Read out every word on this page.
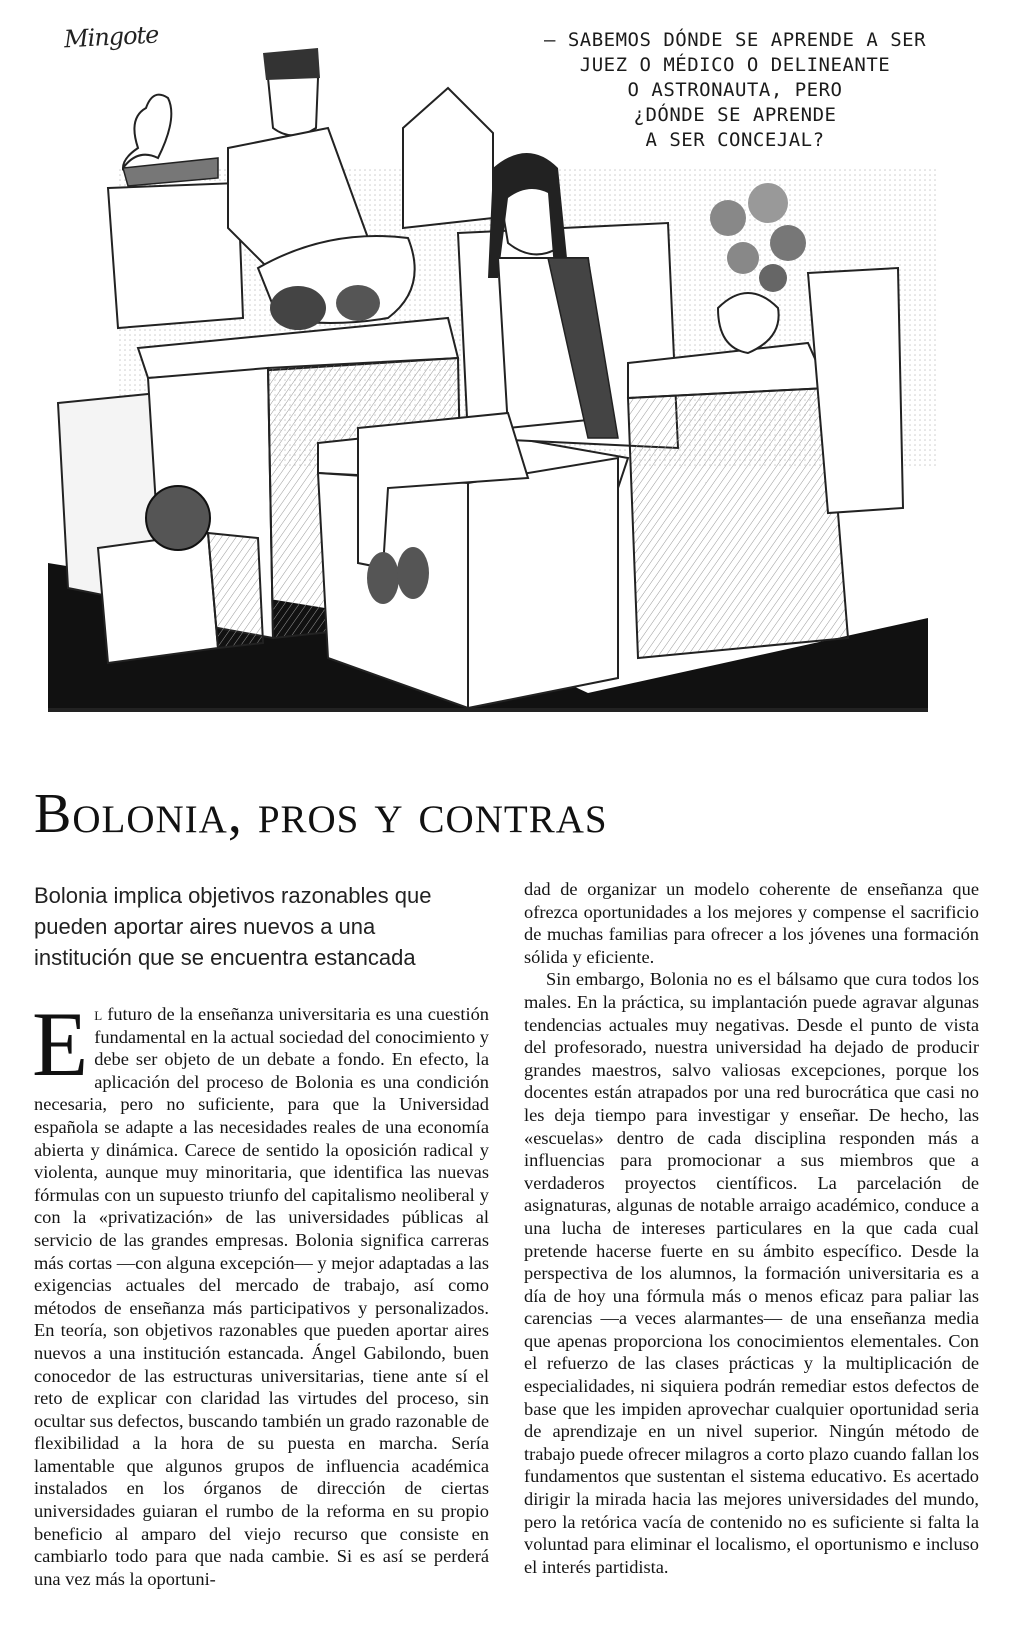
Mingote	– SABEMOS DÓNDE SE APRENDE A SER
JUEZ O MÉDICO O DELINEANTE
O ASTRONAUTA, PERO
¿DÓNDE SE APRENDE
A SER CONCEJAL?
Bolonia, pros y contras

Bolonia implica objetivos razonables que pueden aportar aires nuevos a una institución que se encuentra estancada

El futuro de la enseñanza universitaria es una cuestión fundamental en la actual sociedad del conocimiento y debe ser objeto de un debate a fondo. En efecto, la aplicación del proceso de Bolonia es una condición necesaria, pero no suficiente, para que la Universidad española se adapte a las necesidades reales de una economía abierta y dinámica. Carece de sentido la oposición radical y violenta, aunque muy minoritaria, que identifica las nuevas fórmulas con un supuesto triunfo del capitalismo neoliberal y con la «privatización» de las universidades públicas al servicio de las grandes empresas. Bolonia significa carreras más cortas —con alguna excepción— y mejor adaptadas a las exigencias actuales del mercado de trabajo, así como métodos de enseñanza más participativos y personalizados. En teoría, son objetivos razonables que pueden aportar aires nuevos a una institución estancada. Ángel Gabilondo, buen conocedor de las estructuras universitarias, tiene ante sí el reto de explicar con claridad las virtudes del proceso, sin ocultar sus defectos, buscando también un grado razonable de flexibilidad a la hora de su puesta en marcha. Sería lamentable que algunos grupos de influencia académica instalados en los órganos de dirección de ciertas universidades guiaran el rumbo de la reforma en su propio beneficio al amparo del viejo recurso que consiste en cambiarlo todo para que nada cambie. Si es así se perderá una vez más la oportuni-

dad de organizar un modelo coherente de enseñanza que ofrezca oportunidades a los mejores y compense el sacrificio de muchas familias para ofrecer a los jóvenes una formación sólida y eficiente.

Sin embargo, Bolonia no es el bálsamo que cura todos los males. En la práctica, su implantación puede agravar algunas tendencias actuales muy negativas. Desde el punto de vista del profesorado, nuestra universidad ha dejado de producir grandes maestros, salvo valiosas excepciones, porque los docentes están atrapados por una red burocrática que casi no les deja tiempo para investigar y enseñar. De hecho, las «escuelas» dentro de cada disciplina responden más a influencias para promocionar a sus miembros que a verdaderos proyectos científicos. La parcelación de asignaturas, algunas de notable arraigo académico, conduce a una lucha de intereses particulares en la que cada cual pretende hacerse fuerte en su ámbito específico. Desde la perspectiva de los alumnos, la formación universitaria es a día de hoy una fórmula más o menos eficaz para paliar las carencias —a veces alarmantes— de una enseñanza media que apenas proporciona los conocimientos elementales. Con el refuerzo de las clases prácticas y la multiplicación de especialidades, ni siquiera podrán remediar estos defectos de base que les impiden aprovechar cualquier oportunidad seria de aprendizaje en un nivel superior. Ningún método de trabajo puede ofrecer milagros a corto plazo cuando fallan los fundamentos que sustentan el sistema educativo. Es acertado dirigir la mirada hacia las mejores universidades del mundo, pero la retórica vacía de contenido no es suficiente si falta la voluntad para eliminar el localismo, el oportunismo e incluso el interés partidista.
